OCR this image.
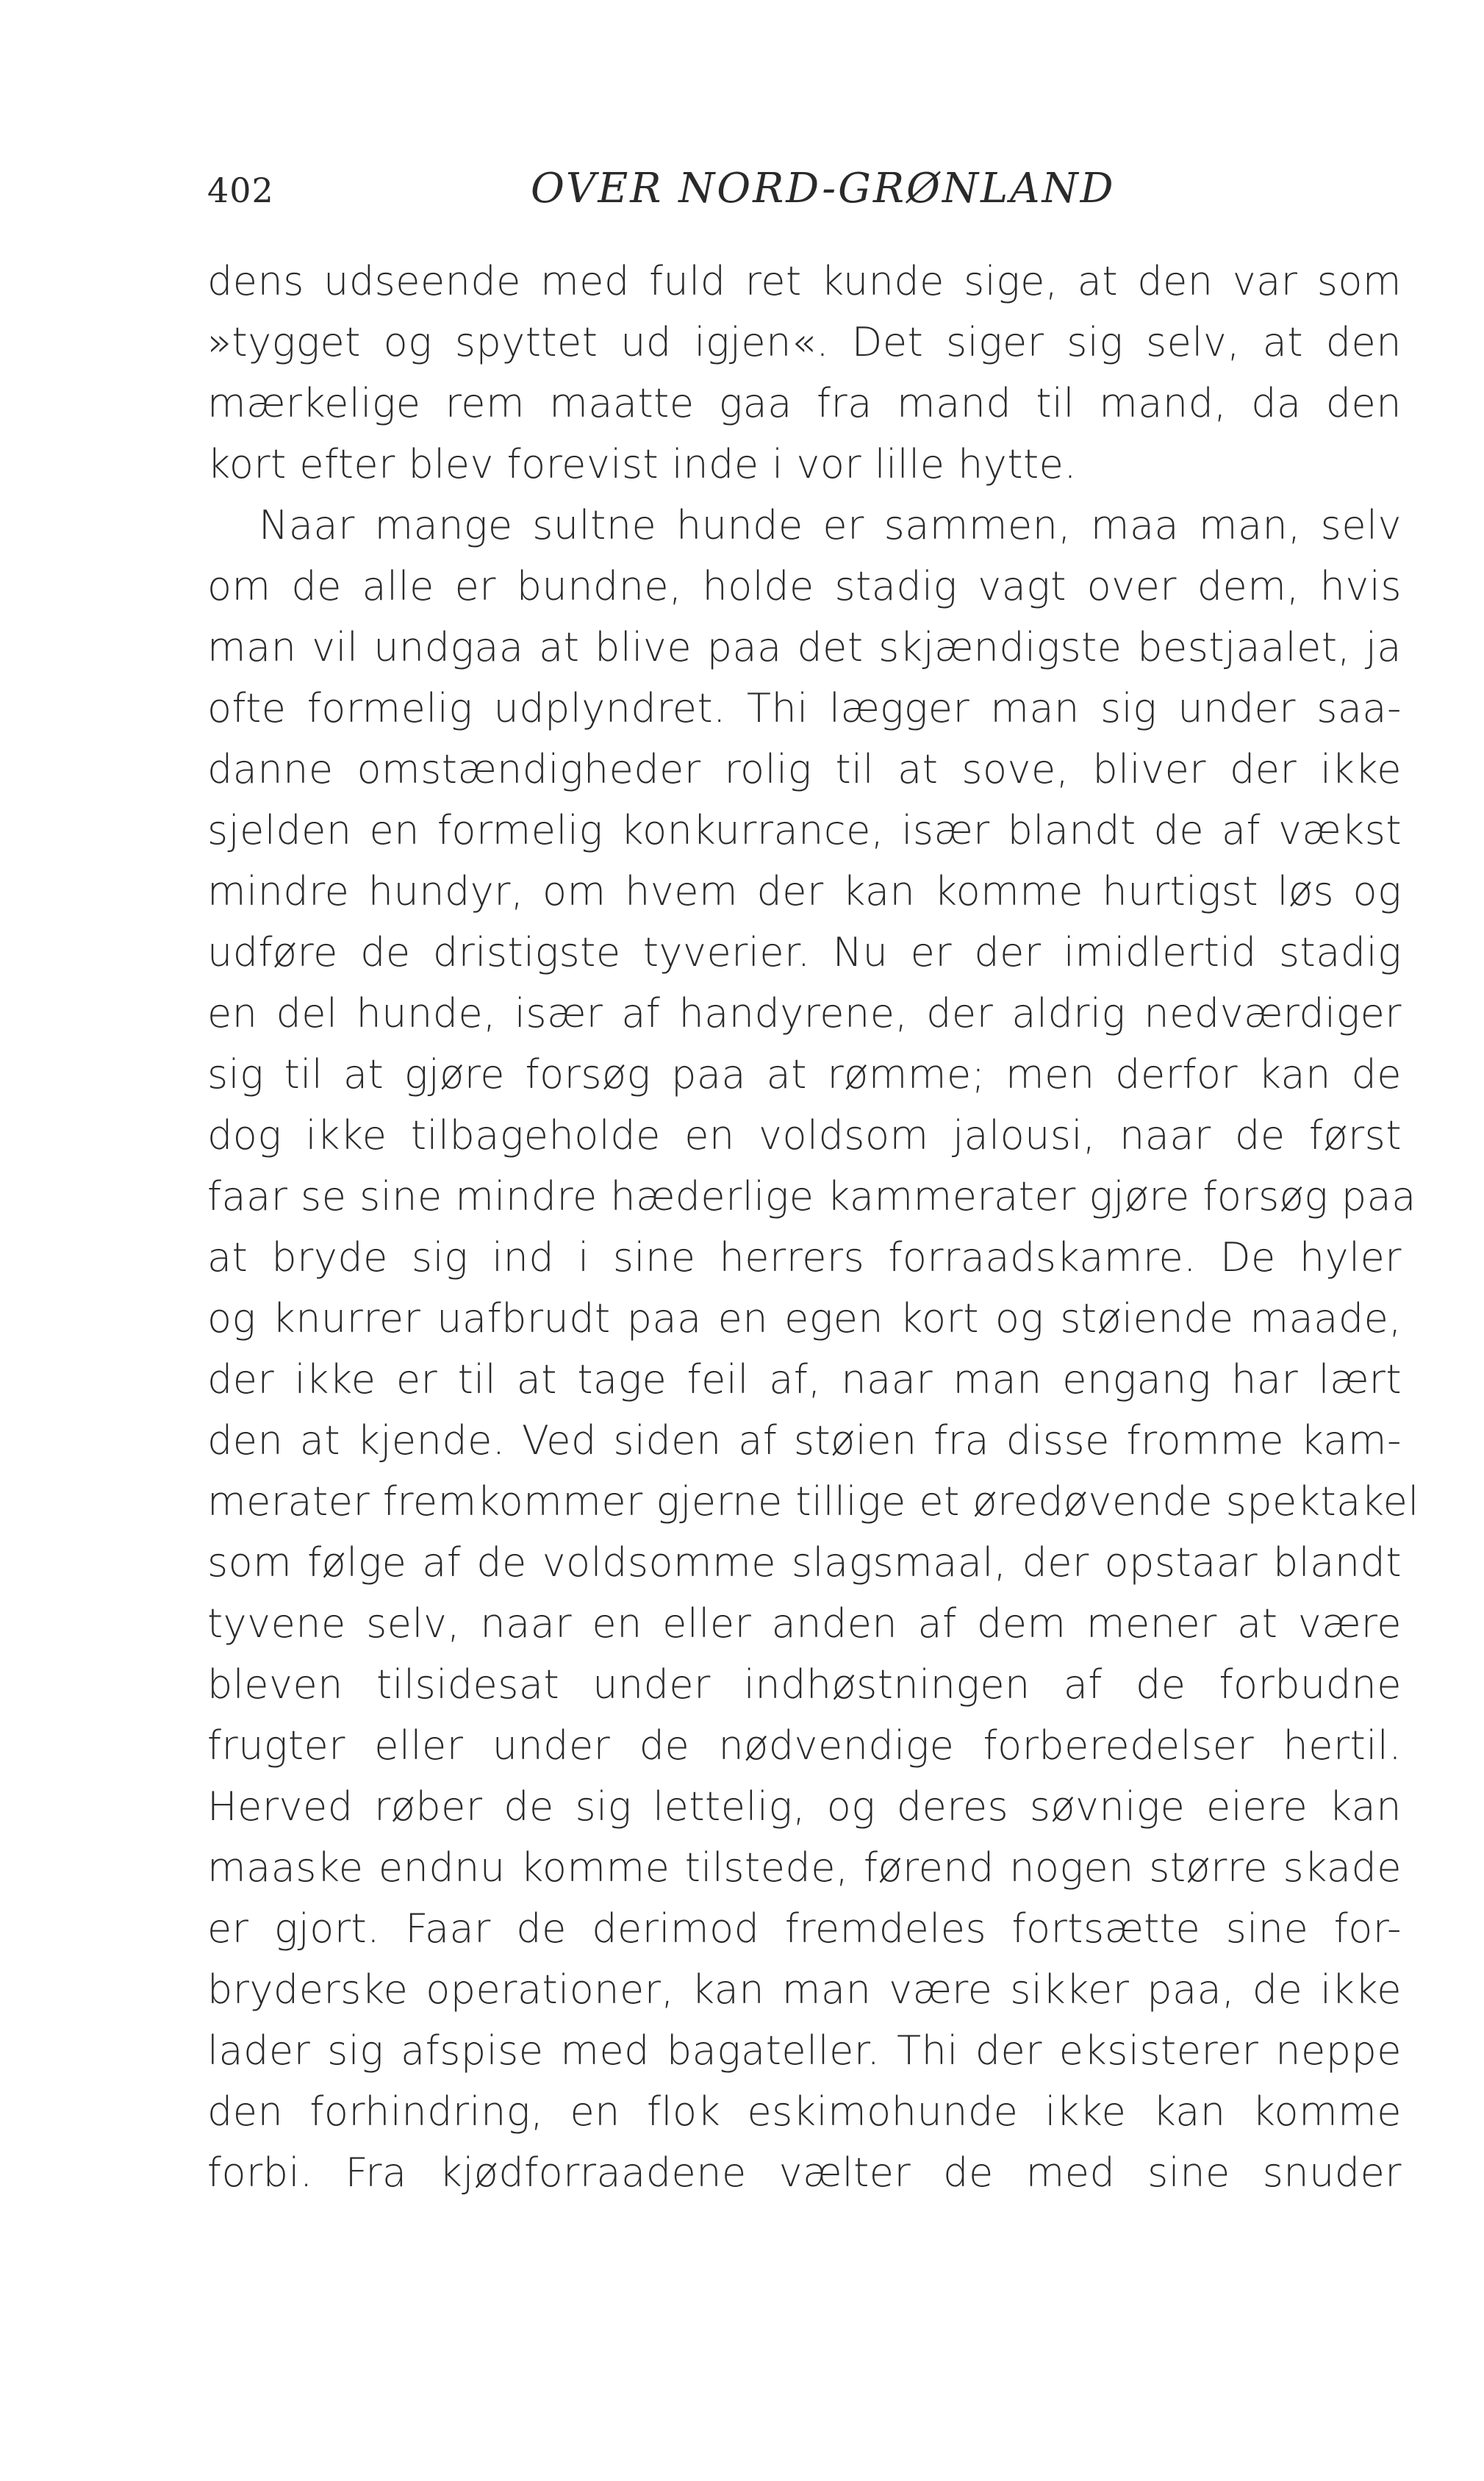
402	OVER NORD-GRØNLAND
dens udseende med fuld ret kunde sige, at den var som
»tygget og spyttet ud igjen«. Det siger sig selv, at den
mærkelige rem maatte gaa fra mand til mand, da den
kort efter blev forevist inde i vor lille hytte.
Naar mange sultne hunde er sammen, maa man, selv
om de alle er bundne, holde stadig vagt over dem, hvis
man vil undgaa at blive paa det skjændigste bestjaalet, ja
ofte formelig udplyndret. Thi lægger man sig under saa-
danne omstændigheder rolig til at sove, bliver der ikke
sjelden en formelig konkurrance, især blandt de af vækst
mindre hundyr, om hvem der kan komme hurtigst løs og
udføre de dristigste tyverier. Nu er der imidlertid stadig
en del hunde, især af handyrene, der aldrig nedværdiger
sig til at gjøre forsøg paa at rømme; men derfor kan de
dog ikke tilbageholde en voldsom jalousi, naar de først
faar se sine mindre hæderlige kammerater gjøre forsøg paa
at bryde sig ind i sine herrers forraadskamre. De hyler
og knurrer uafbrudt paa en egen kort og støiende maade,
der ikke er til at tage feil af, naar man engang har lært
den at kjende. Ved siden af støien fra disse fromme kam-
merater fremkommer gjerne tillige et øredøvende spektakel
som følge af de voldsomme slagsmaal, der opstaar blandt
tyvene selv, naar en eller anden af dem mener at være
bleven tilsidesat under indhøstningen af de forbudne
frugter eller under de nødvendige forberedelser hertil.
Herved røber de sig lettelig, og deres søvnige eiere kan
maaske endnu komme tilstede, førend nogen større skade
er gjort. Faar de derimod fremdeles fortsætte sine for-
bryderske operationer, kan man være sikker paa, de ikke
lader sig afspise med bagateller. Thi der eksisterer neppe
den forhindring, en flok eskimohunde ikke kan komme
forbi. Fra kjødforraadene vælter de med sine snuder
